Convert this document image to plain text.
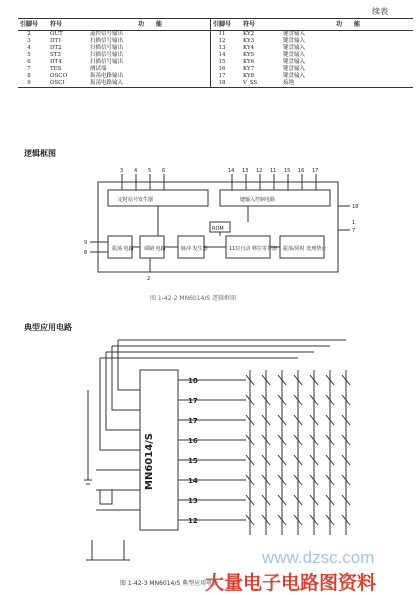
续表
引脚号	符号	功　　能	引脚号	符号	功　　能
2	OUT	遥控信号输出	11	KY2	键盘输入
3	DT1	扫描信号输出	12	KY3	键盘输入
4	DT2	扫描信号输出	13	KY4	键盘输入
5	ST3	扫描信号输出	14	KY5	键盘输入
6	DT4	扫描信号输出	15	KY6	键盘输入
7	TES	测试端	16	KY7	键盘输入
8	OSCO	振荡电路输出	17	KY8	键盘输入
9	OSCI	振荡电路输入	18	V_SS	接地
逻辑框图
3 4 5 6	14 13 12 11 15 16 17
定时信号发生器	键输入控制电路
ROM
振荡 电路 调制 电路	脉冲 发生器	11位自动 移位寄存器 振荡/同时 处理禁止
9
8
2
18
1
7
图 1-42-2 MN6014/S 逻辑框图
典型应用电路
MN6014/S
10
17
17
16
15
14
13
12
图 1-42-3 MN6014/S 典型应用电路
www.dzsc.com
大量电子电路图资料
